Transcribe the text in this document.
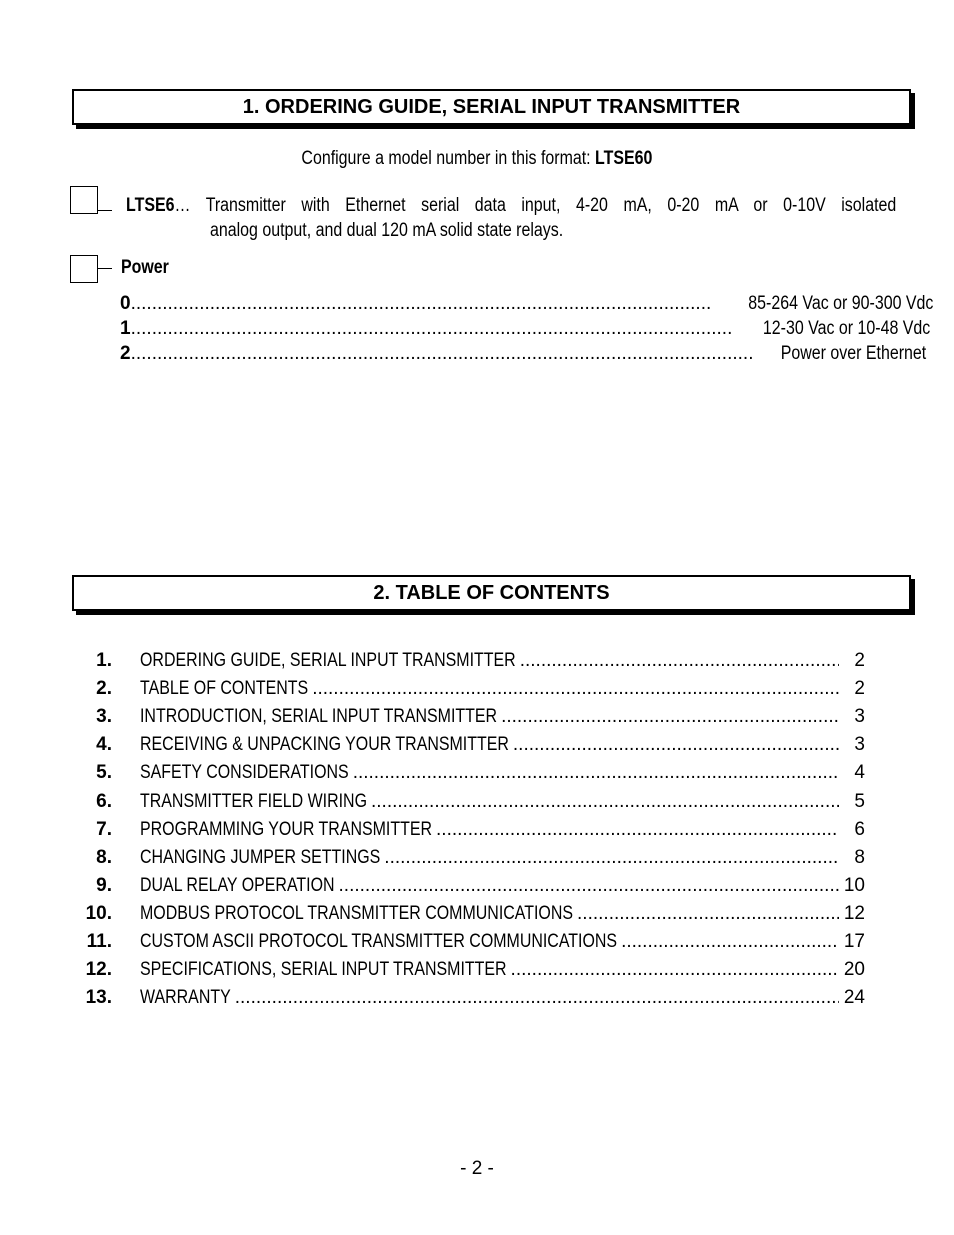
1. ORDERING GUIDE, SERIAL INPUT TRANSMITTER
Configure a model number in this format: LTSE60
LTSE6… Transmitter with Ethernet serial data input, 4-20 mA, 0-20 mA or 0-10V isolated
analog output, and dual 120 mA solid state relays.
Power
0 .....	85-264 Vac or 90-300 Vdc
1 .....	12-30 Vac or 10-48 Vdc
2 .....	Power over Ethernet
2. TABLE OF CONTENTS
1. ORDERING GUIDE, SERIAL INPUT TRANSMITTER .....	2
2. TABLE OF CONTENTS .....	2
3. INTRODUCTION, SERIAL INPUT TRANSMITTER .....	3
4. RECEIVING & UNPACKING YOUR TRANSMITTER .....	3
5. SAFETY CONSIDERATIONS .....	4
6. TRANSMITTER FIELD WIRING .....	5
7. PROGRAMMING YOUR TRANSMITTER .....	6
8. CHANGING JUMPER SETTINGS .....	8
9. DUAL RELAY OPERATION .....	10
10. MODBUS PROTOCOL TRANSMITTER COMMUNICATIONS .....	12
11. CUSTOM ASCII PROTOCOL TRANSMITTER COMMUNICATIONS .....	17
12. SPECIFICATIONS, SERIAL INPUT TRANSMITTER .....	20
13. WARRANTY .....	24
- 2 -
